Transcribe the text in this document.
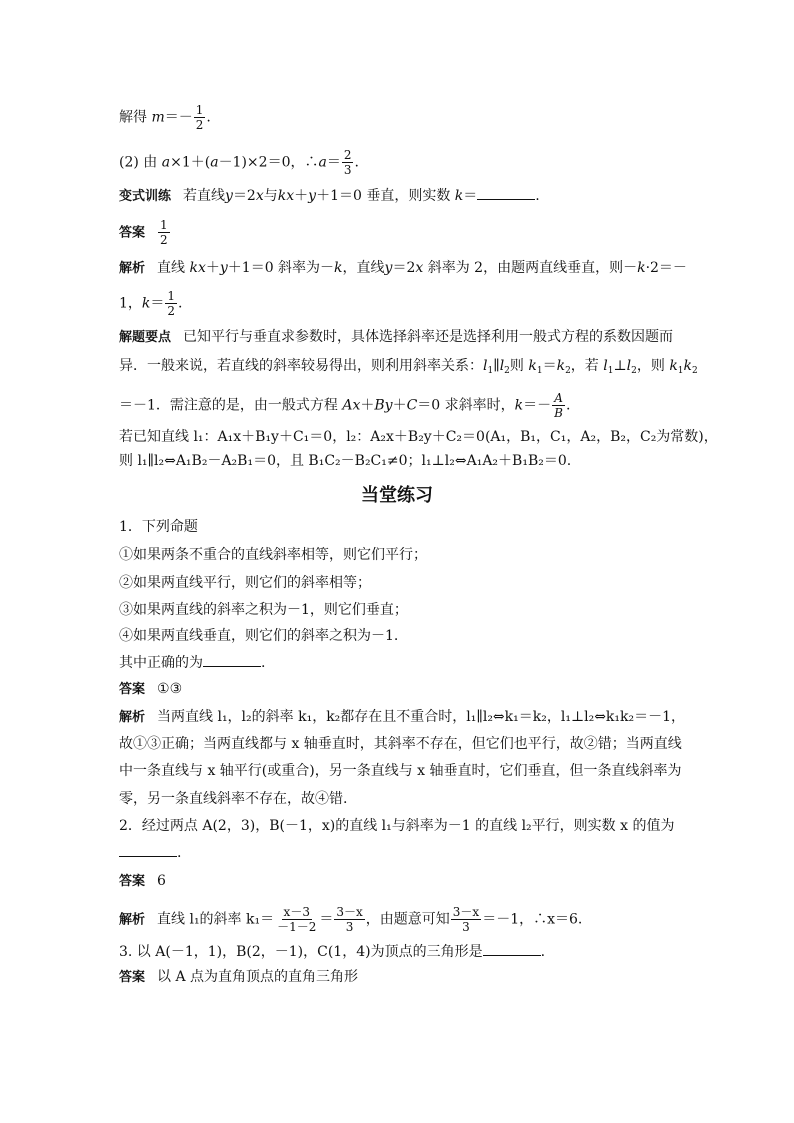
解得 $m=- \frac{1}{2}$ .
(2) 由 a×1＋(a－1)×2＝0，∴a＝ $\frac{2}{3}$ .
变式训练 若直线y＝2x与kx＋y＋1＝0 垂直，则实数 k＝	.
答案 $\frac{1}{2}$
解析 直线 kx＋y＋1＝0 斜率为－k，直线y＝2x 斜率为 2，由题两直线垂直，则－k·2＝－
1，$k= \frac{1}{2}$ .
解题要点 已知平行与垂直求参数时，具体选择斜率还是选择利用一般式方程的系数因题而
异．一般来说，若直线的斜率较易得出，则利用斜率关系：$l_1\parallel l_2$则 $k_1=k_2$，若 $l_1\perp l_2$，则 $k_1k_2$
＝－1．需注意的是，由一般式方程 Ax＋By＋C＝0 求斜率时，$k=- \frac{A}{B}$ .
若已知直线 l₁：A₁x＋B₁y＋C₁＝0，l₂：A₂x＋B₂y＋C₂＝0(A₁，B₁，C₁，A₂，B₂，C₂为常数)，
则 l₁∥l₂⇔A₁B₂－A₂B₁＝0，且 B₁C₂－B₂C₁≠0；l₁⊥l₂⇔A₁A₂＋B₁B₂＝0.
当堂练习
1．下列命题
①如果两条不重合的直线斜率相等，则它们平行；
②如果两直线平行，则它们的斜率相等；
③如果两直线的斜率之积为－1，则它们垂直；
④如果两直线垂直，则它们的斜率之积为－1.
其中正确的为	.
答案 ①③
解析 当两直线 l₁，l₂的斜率 k₁，k₂都存在且不重合时，l₁∥l₂⇔k₁＝k₂，l₁⊥l₂⇔k₁k₂＝－1，
故①③正确；当两直线都与 x 轴垂直时，其斜率不存在，但它们也平行，故②错；当两直线
中一条直线与 x 轴平行(或重合)，另一条直线与 x 轴垂直时，它们垂直，但一条直线斜率为
零，另一条直线斜率不存在，故④错.
2．经过两点 A(2，3)，B(－1，x)的直线 l₁与斜率为－1 的直线 l₂平行，则实数 x 的值为
.
答案 6
解析 直线 l₁的斜率 $k_1= \frac{x-3}{-1-2} = \frac{3-x}{3}$ ，由题意可知 $\frac{3-x}{3} =-1$，∴x＝6.
3. 以 A(－1，1)，B(2，－1)，C(1，4)为顶点的三角形是	.
答案 以 A 点为直角顶点的直角三角形
